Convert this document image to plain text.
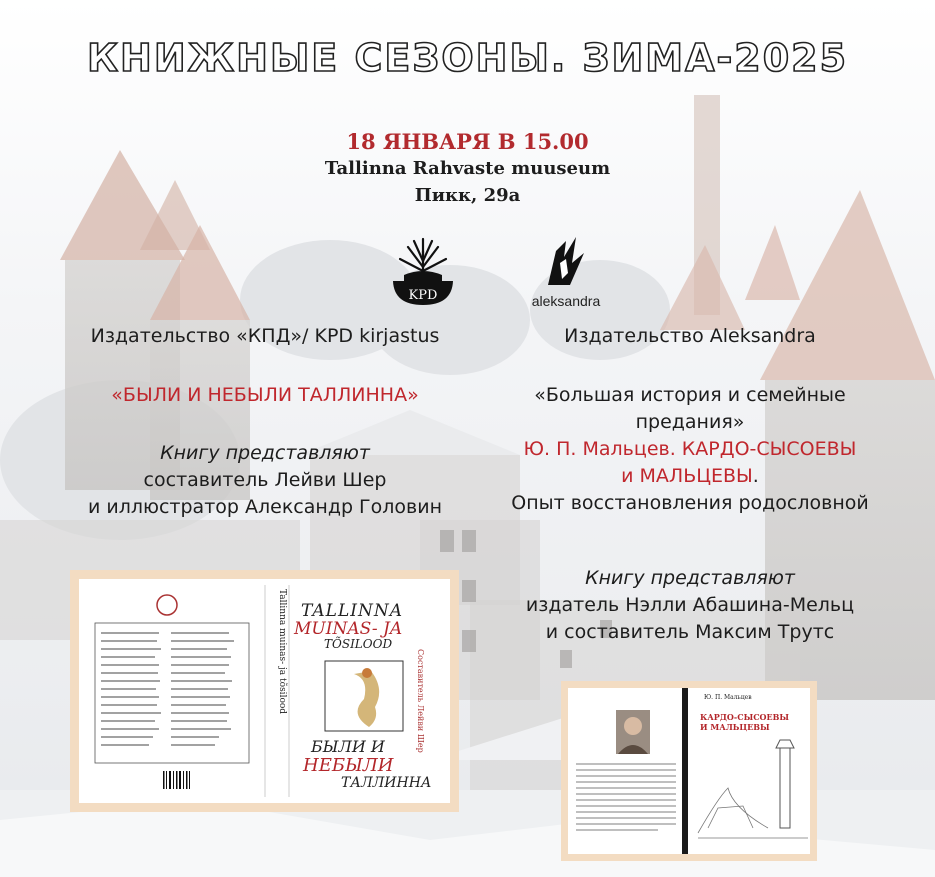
КНИЖНЫЕ СЕЗОНЫ. ЗИМА-2025
18 ЯНВАРЯ В 15.00
Tallinna Rahvaste muuseum
Пикк, 29а
KPD	aleksandra
Издательство «КПД»/ KPD kirjastus
«БЫЛИ И НЕБЫЛИ ТАЛЛИННА»
Книгу представляют
составитель Лейви Шер
и иллюстратор Александр Головин
Издательство Aleksandra
«Большая история и семейные
предания»
Ю. П. Мальцев. КАРДО-СЫСОЕВЫ
и МАЛЬЦЕВЫ.
Опыт восстановления родословной
Книгу представляют
издатель Нэлли Абашина-Мельц
и составитель Максим Трутс
Tallinna muinas- ja tõsilood	Составитель Лейви Шер
TALLINNA
MUINAS- JA
TÕSILOOD
БЫЛИ И
НЕБЫЛИ
ТАЛЛИННА
Ю. П. Мальцев
КАРДО-СЫСОЕВЫ И МАЛЬЦЕВЫ
